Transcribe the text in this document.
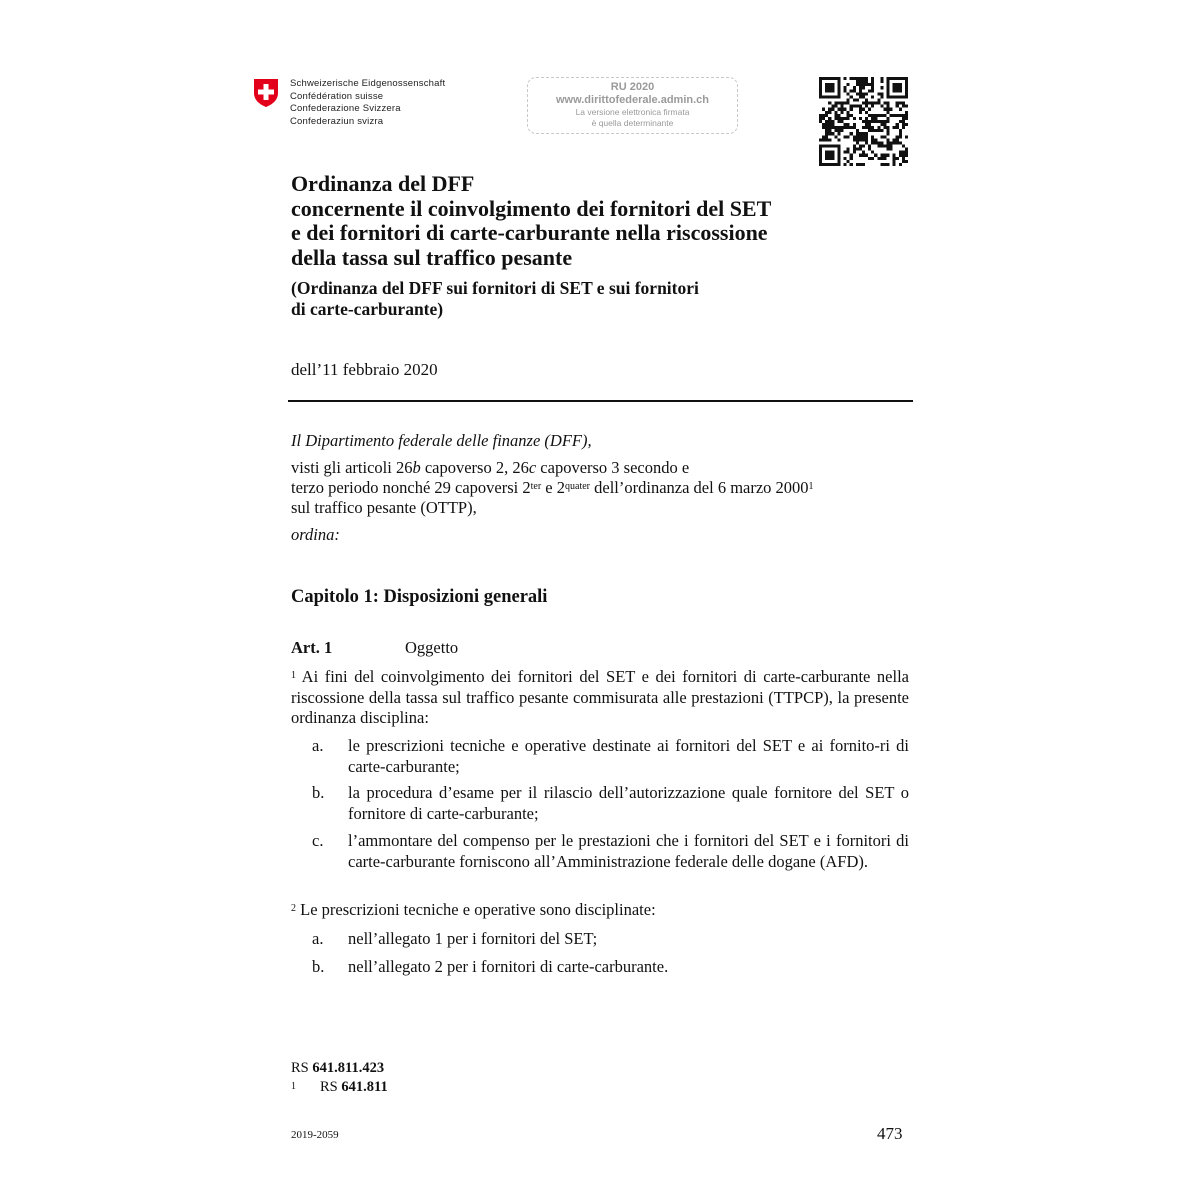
Schweizerische Eidgenossenschaft
Confédération suisse
Confederazione Svizzera
Confederaziun svizra
RU 2020
www.dirittofederale.admin.ch
La versione elettronica firmata
è quella determinante
Ordinanza del DFF
concernente il coinvolgimento dei fornitori del SET
e dei fornitori di carte-carburante nella riscossione
della tassa sul traffico pesante
(Ordinanza del DFF sui fornitori di SET e sui fornitori
di carte-carburante)
dell’11 febbraio 2020
Il Dipartimento federale delle finanze (DFF),
visti gli articoli 26b capoverso 2, 26c capoverso 3 secondo e
terzo periodo nonché 29 capoversi $2^{ter}$ e $2^{quater}$ dell’ordinanza del 6 marzo 2000$^1$
sul traffico pesante (OTTP),
ordina:
Capitolo 1: Disposizioni generali
Art. 1	Oggetto
$^1$ Ai fini del coinvolgimento dei fornitori del SET e dei fornitori di carte-carburante nella riscossione della tassa sul traffico pesante commisurata alle prestazioni (TTPCP), la presente ordinanza disciplina:
a. le prescrizioni tecniche e operative destinate ai fornitori del SET e ai fornito-ri di carte-carburante;
b. la procedura d’esame per il rilascio dell’autorizzazione quale fornitore del SET o fornitore di carte-carburante;
c. l’ammontare del compenso per le prestazioni che i fornitori del SET e i fornitori di carte-carburante forniscono all’Amministrazione federale delle dogane (AFD).
$^2$ Le prescrizioni tecniche e operative sono disciplinate:
a. nell’allegato 1 per i fornitori del SET;
b. nell’allegato 2 per i fornitori di carte-carburante.
RS 641.811.423
$^1$ RS 641.811
2019-2059	473
